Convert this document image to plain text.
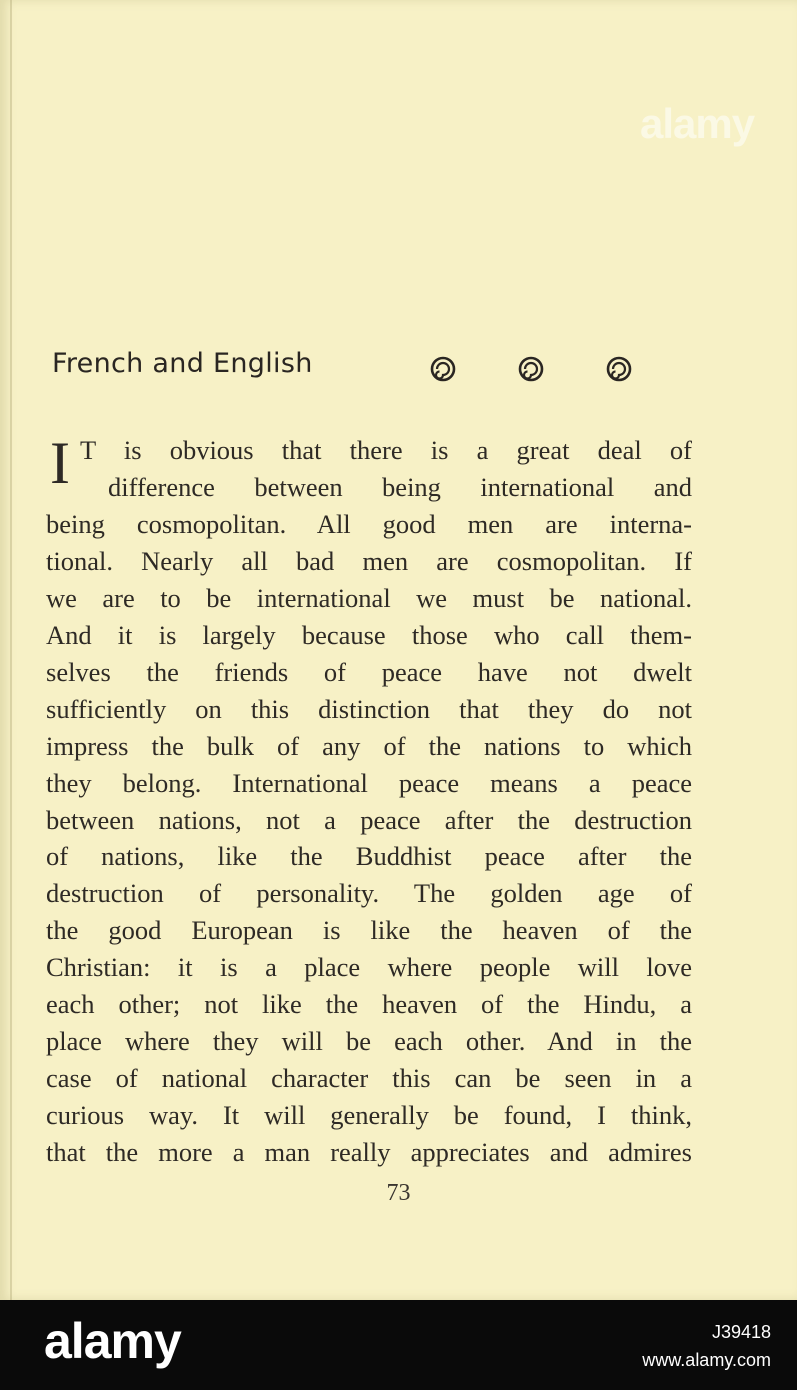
alamy
French and English
I T is obvious that there is a great deal of
difference between being international and
being cosmopolitan. All good men are interna-
tional. Nearly all bad men are cosmopolitan. If
we are to be international we must be national.
And it is largely because those who call them-
selves the friends of peace have not dwelt
sufficiently on this distinction that they do not
impress the bulk of any of the nations to which
they belong. International peace means a peace
between nations, not a peace after the destruction
of nations, like the Buddhist peace after the
destruction of personality. The golden age of
the good European is like the heaven of the
Christian: it is a place where people will love
each other; not like the heaven of the Hindu, a
place where they will be each other. And in the
case of national character this can be seen in a
curious way. It will generally be found, I think,
that the more a man really appreciates and admires
73
alamy	J39418
www.alamy.com
